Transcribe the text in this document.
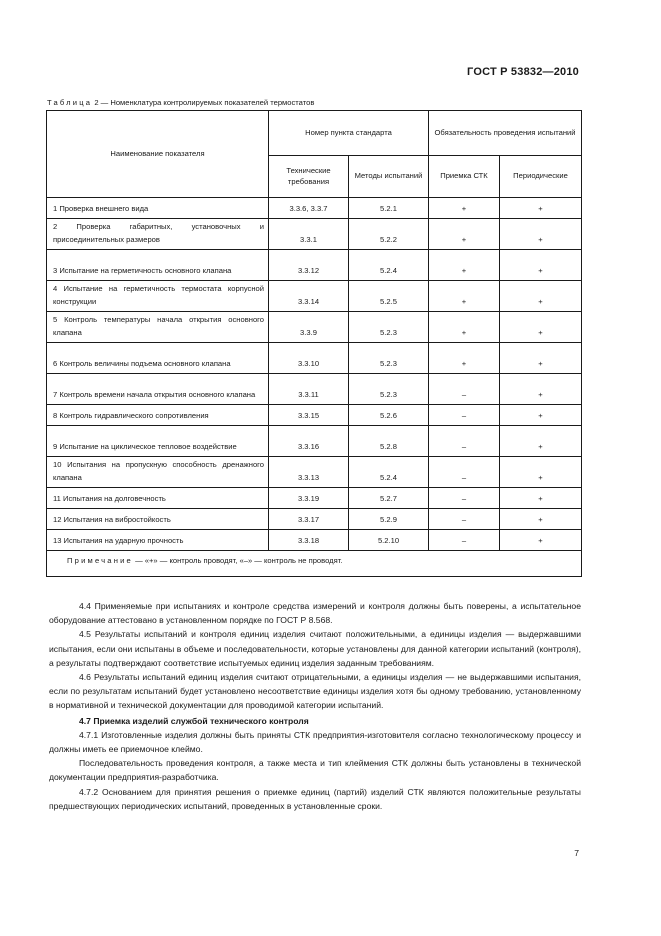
ГОСТ Р 53832—2010
Таблица 2 — Номенклатура контролируемых показателей термостатов
Наименование показателя	Номер пункта стандарта		Обязательность проведения испытаний	
	Технические требования	Методы испытаний	Приемка СТК	Периодические
1 Проверка внешнего вида	3.3.6, 3.3.7	5.2.1	+	+
2 Проверка габаритных, установочных и присоединительных размеров	3.3.1	5.2.2	+	+
3 Испытание на герметичность основного клапана	3.3.12	5.2.4	+	+
4 Испытание на герметичность термостата корпусной конструкции	3.3.14	5.2.5	+	+
5 Контроль температуры начала открытия основного клапана	3.3.9	5.2.3	+	+
6 Контроль величины подъема основного клапана	3.3.10	5.2.3	+	+
7 Контроль времени начала открытия основного клапана	3.3.11	5.2.3	–	+
8 Контроль гидравлического сопротивления	3.3.15	5.2.6	–	+
9 Испытание на циклическое тепловое воздействие	3.3.16	5.2.8	–	+
10 Испытания на пропускную способность дренажного клапана	3.3.13	5.2.4	–	+
11 Испытания на долговечность	3.3.19	5.2.7	–	+
12 Испытания на вибростойкость	3.3.17	5.2.9	–	+
13 Испытания на ударную прочность	3.3.18	5.2.10	–	+
Примечание — «+» — контроль проводят, «–» — контроль не проводят.				

4.4 Применяемые при испытаниях и контроле средства измерений и контроля должны быть поверены, а испытательное оборудование аттестовано в установленном порядке по ГОСТ Р 8.568.

4.5 Результаты испытаний и контроля единиц изделия считают положительными, а единицы изделия — выдержавшими испытания, если они испытаны в объеме и последовательности, которые установлены для данной категории испытаний (контроля), а результаты подтверждают соответствие испытуемых единиц изделия заданным требованиям.

4.6 Результаты испытаний единиц изделия считают отрицательными, а единицы изделия — не выдержавшими испытания, если по результатам испытаний будет установлено несоответствие единицы изделия хотя бы одному требованию, установленному в нормативной и технической документации для проводимой категории испытаний.

4.7 Приемка изделий службой технического контроля

4.7.1 Изготовленные изделия должны быть приняты СТК предприятия-изготовителя согласно технологическому процессу и должны иметь ее приемочное клеймо.

Последовательность проведения контроля, а также места и тип клеймения СТК должны быть установлены в технической документации предприятия-разработчика.

4.7.2 Основанием для принятия решения о приемке единиц (партий) изделий СТК являются положительные результаты предшествующих периодических испытаний, проведенных в установленные сроки.

7
